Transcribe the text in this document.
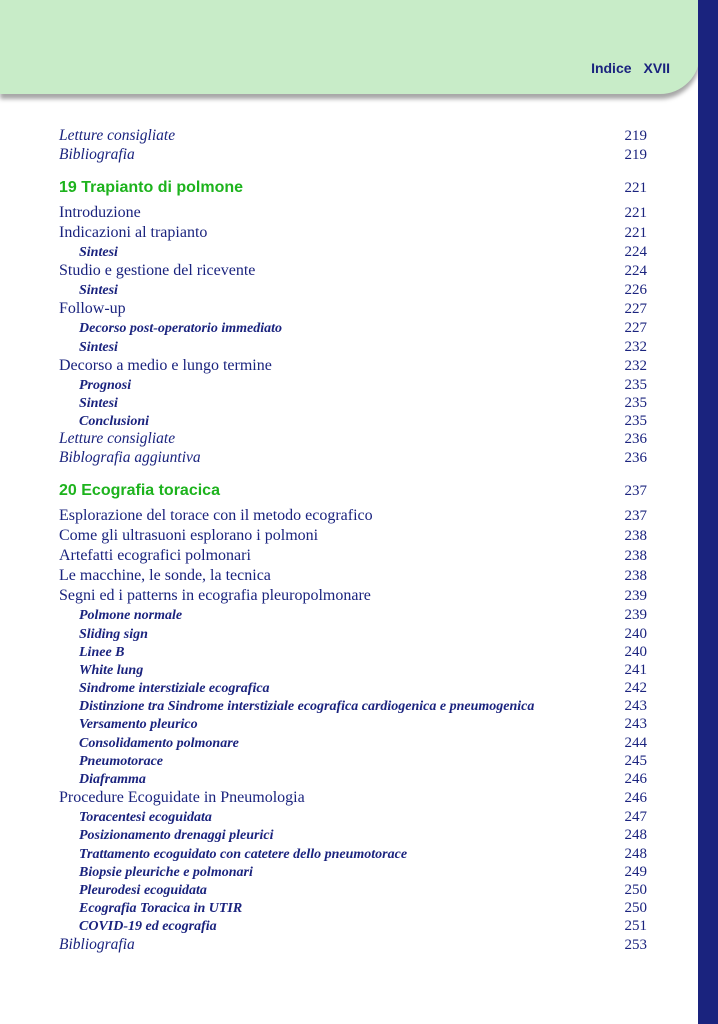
Indice XVII
Letture consigliate	219
Bibliografia	219
19 Trapianto di polmone	221
Introduzione	221
Indicazioni al trapianto	221
Sintesi	224
Studio e gestione del ricevente	224
Sintesi	226
Follow-up	227
Decorso post-operatorio immediato	227
Sintesi	232
Decorso a medio e lungo termine	232
Prognosi	235
Sintesi	235
Conclusioni	235
Letture consigliate	236
Biblografia aggiuntiva	236
20 Ecografia toracica	237
Esplorazione del torace con il metodo ecografico	237
Come gli ultrasuoni esplorano i polmoni	238
Artefatti ecografici polmonari	238
Le macchine, le sonde, la tecnica	238
Segni ed i patterns in ecografia pleuropolmonare	239
Polmone normale	239
Sliding sign	240
Linee B	240
White lung	241
Sindrome interstiziale ecografica	242
Distinzione tra Sindrome interstiziale ecografica cardiogenica e pneumogenica	243
Versamento pleurico	243
Consolidamento polmonare	244
Pneumotorace	245
Diaframma	246
Procedure Ecoguidate in Pneumologia	246
Toracentesi ecoguidata	247
Posizionamento drenaggi pleurici	248
Trattamento ecoguidato con catetere dello pneumotorace	248
Biopsie pleuriche e polmonari	249
Pleurodesi ecoguidata	250
Ecografia Toracica in UTIR	250
COVID-19 ed ecografia	251
Bibliografia	253
